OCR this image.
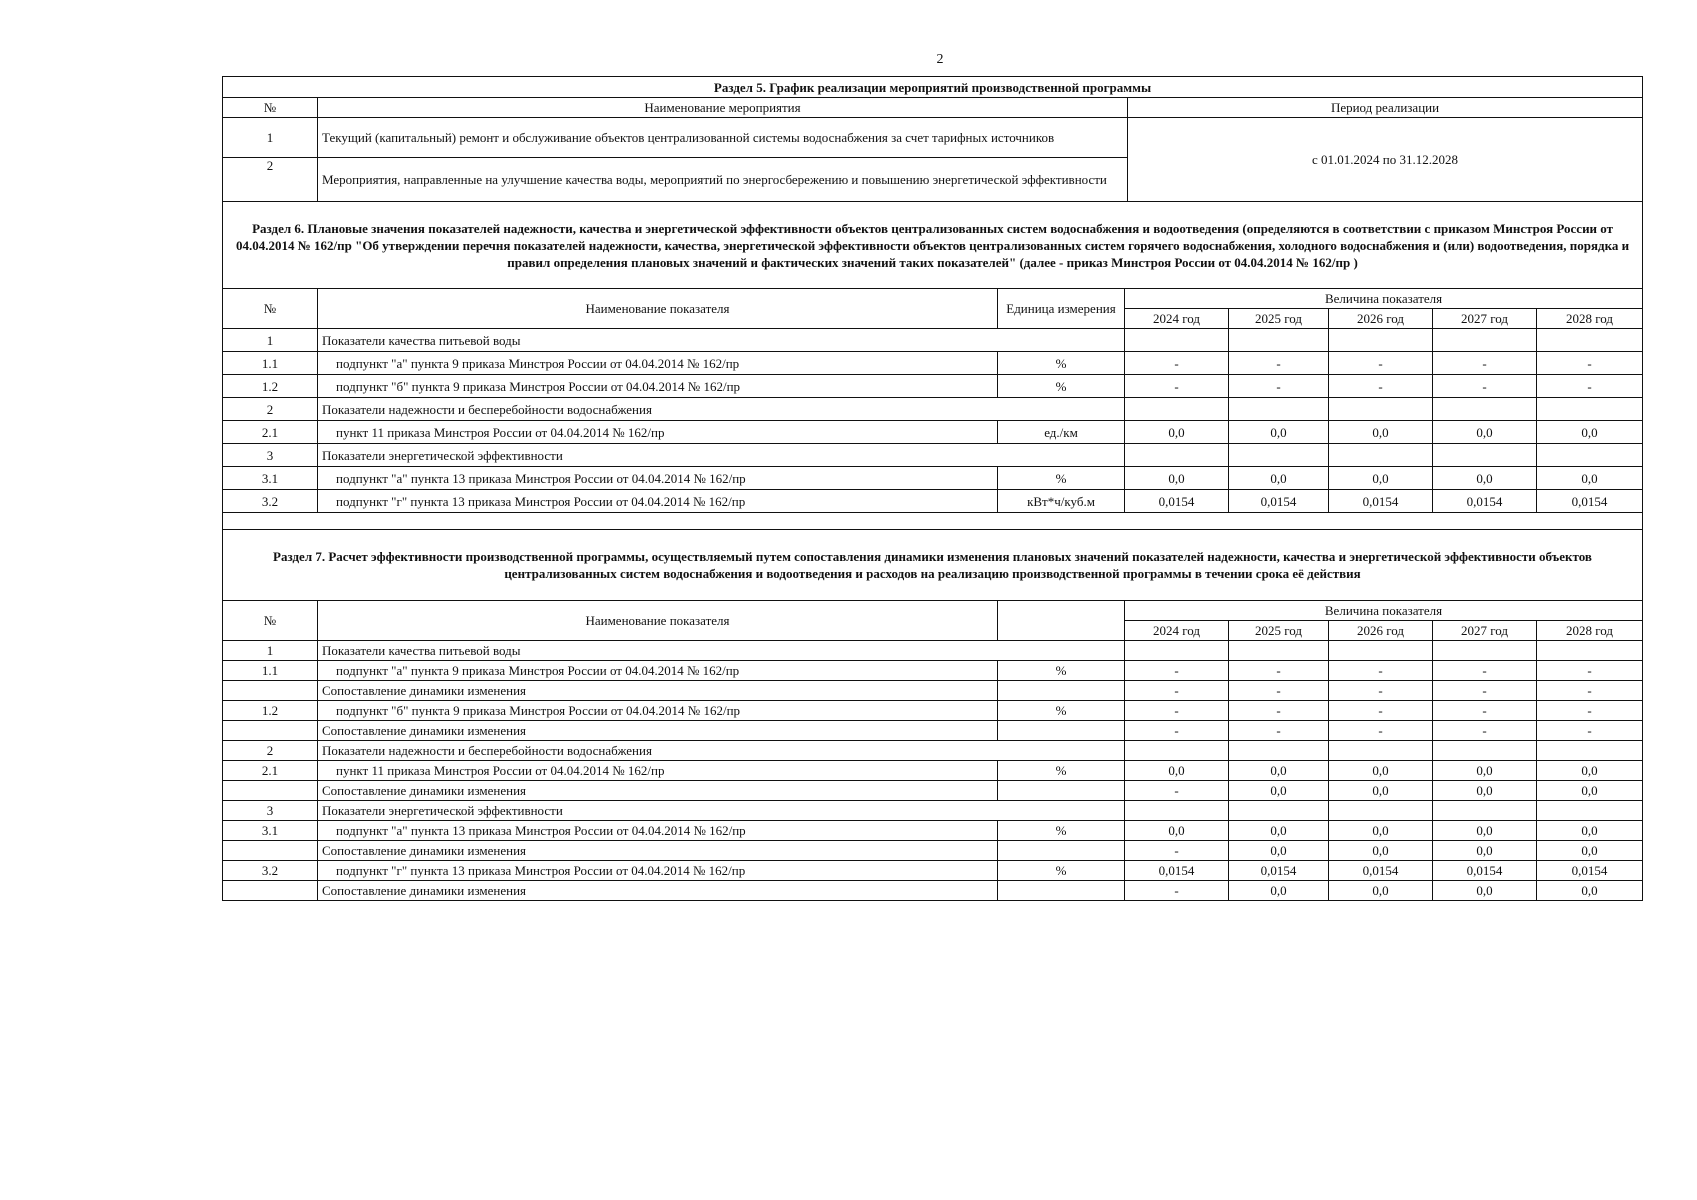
2
Раздел 5. График реализации мероприятий производственной программы		
№	Наименование мероприятия	Период реализации
1	Текущий (капитальный) ремонт и обслуживание объектов централизованной системы водоснабжения за счет тарифных источников	с 01.01.2024 по 31.12.2028
2	Мероприятия, направленные на улучшение качества воды, мероприятий по энергосбережению и повышению энергетической эффективности	
Раздел 6. Плановые значения показателей надежности, качества и энергетической эффективности объектов централизованных систем водоснабжения и водоотведения (определяются в соответствии с приказом Минстроя России от 04.04.2014 № 162/пр "Об утверждении перечня показателей надежности, качества, энергетической эффективности объектов централизованных систем горячего водоснабжения, холодного водоснабжения и (или) водоотведения, порядка и правил определения плановых значений и фактических значений таких показателей" (далее - приказ Минстроя России от 04.04.2014 № 162/пр )							
№	Наименование показателя	Единица измерения	Величина показателя				
			2024 год	2025 год	2026 год	2027 год	2028 год
1	Показатели качества питьевой воды						
1.1	подпункт "а" пункта 9 приказа Минстроя России от 04.04.2014 № 162/пр	%	-	-	-	-	-
1.2	подпункт "б" пункта 9 приказа Минстроя России от 04.04.2014 № 162/пр	%	-	-	-	-	-
2	Показатели надежности и бесперебойности водоснабжения						
2.1	пункт 11 приказа Минстроя России от 04.04.2014 № 162/пр	ед./км	0,0	0,0	0,0	0,0	0,0
3	Показатели энергетической эффективности						
3.1	подпункт "а" пункта 13 приказа Минстроя России от 04.04.2014 № 162/пр	%	0,0	0,0	0,0	0,0	0,0
3.2	подпункт "г" пункта 13 приказа Минстроя России от 04.04.2014 № 162/пр	кВт*ч/куб.м	0,0154	0,0154	0,0154	0,0154	0,0154

Раздел 7. Расчет эффективности производственной программы, осуществляемый путем сопоставления динамики изменения плановых значений показателей надежности, качества и энергетической эффективности объектов централизованных систем водоснабжения и водоотведения и расходов на реализацию производственной программы в течении срока её действия							
№	Наименование показателя		Величина показателя				
			2024 год	2025 год	2026 год	2027 год	2028 год
1	Показатели качества питьевой воды						
1.1	подпункт "а" пункта 9 приказа Минстроя России от 04.04.2014 № 162/пр	%	-	-	-	-	-
	Сопоставление динамики изменения		-	-	-	-	-
1.2	подпункт "б" пункта 9 приказа Минстроя России от 04.04.2014 № 162/пр	%	-	-	-	-	-
	Сопоставление динамики изменения		-	-	-	-	-
2	Показатели надежности и бесперебойности водоснабжения						
2.1	пункт 11 приказа Минстроя России от 04.04.2014 № 162/пр	%	0,0	0,0	0,0	0,0	0,0
	Сопоставление динамики изменения		-	0,0	0,0	0,0	0,0
3	Показатели энергетической эффективности						
3.1	подпункт "а" пункта 13 приказа Минстроя России от 04.04.2014 № 162/пр	%	0,0	0,0	0,0	0,0	0,0
	Сопоставление динамики изменения		-	0,0	0,0	0,0	0,0
3.2	подпункт "г" пункта 13 приказа Минстроя России от 04.04.2014 № 162/пр	%	0,0154	0,0154	0,0154	0,0154	0,0154
	Сопоставление динамики изменения		-	0,0	0,0	0,0	0,0
